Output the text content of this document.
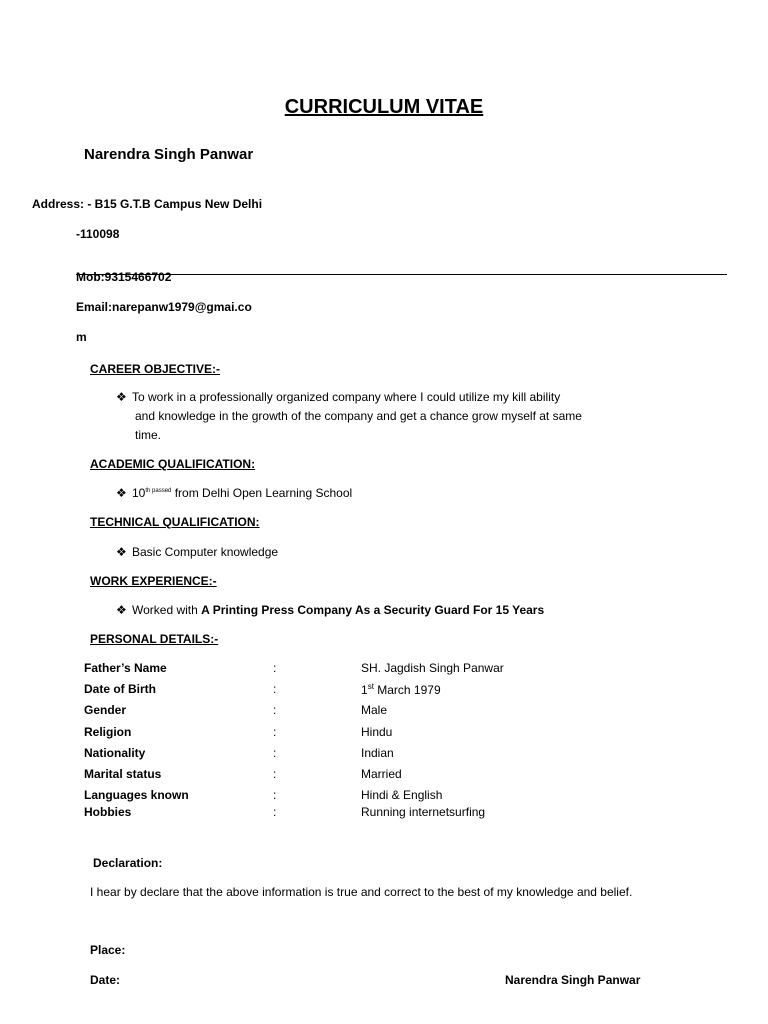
CURRICULUM VITAE
Narendra Singh Panwar
Address: - B15 G.T.B Campus New Delhi
-110098
Mob:9315466702
Email:narepanw1979@gmai.co
m
CAREER OBJECTIVE:-
❖ To work in a professionally organized company where I could utilize my kill ability
and knowledge in the growth of the company and get a chance grow myself at same
time.
ACADEMIC QUALIFICATION:
❖ $10^{th passed}$ from Delhi Open Learning School
TECHNICAL QUALIFICATION:
❖ Basic Computer knowledge
WORK EXPERIENCE:-
❖ Worked with A Printing Press Company As a Security Guard For 15 Years
PERSONAL DETAILS:-
Father’s Name	:	SH. Jagdish Singh Panwar
Date of Birth	:	1st March 1979
Gender	:	Male
Religion	:	Hindu
Nationality	:	Indian
Marital status	:	Married
Languages known	:	Hindi & English
Hobbies	:	Running internetsurfing
Declaration:
I hear by declare that the above information is true and correct to the best of my knowledge and belief.
Place:
Date:	Narendra Singh Panwar
